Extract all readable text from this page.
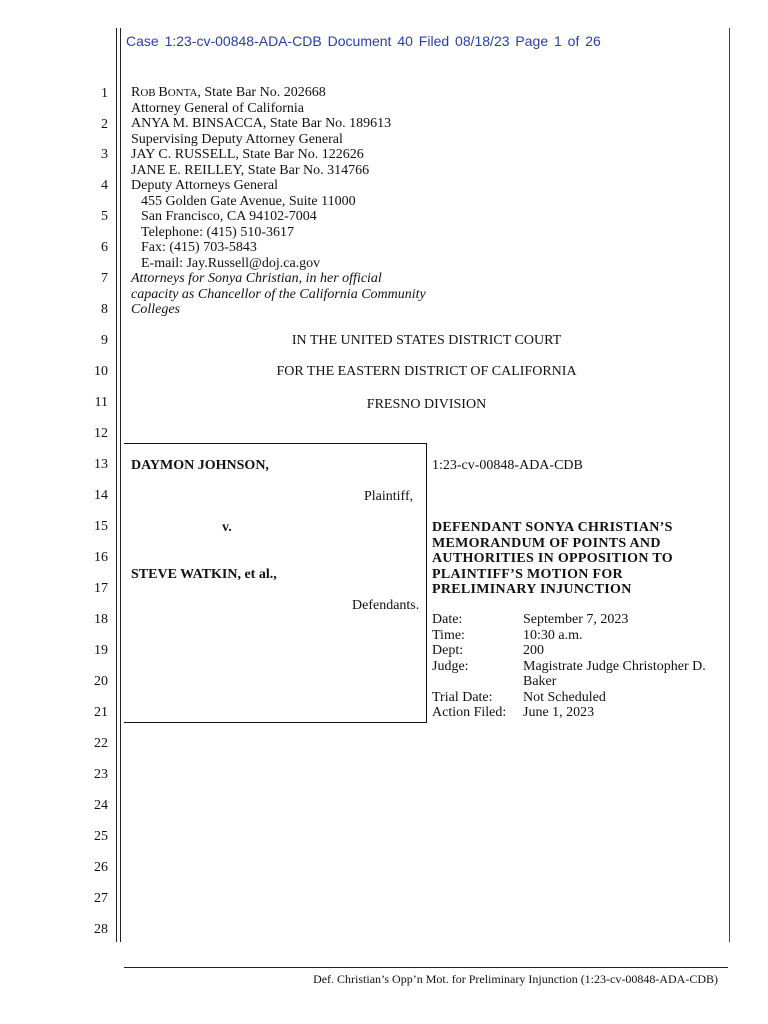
Case 1:23-cv-00848-ADA-CDB Document 40 Filed 08/18/23 Page 1 of 26
1
2
3
4
5
6
7
8
9
10
11
12
13
14
15
16
17
18
19
20
21
22
23
24
25
26
27
28
ROB BONTA, State Bar No. 202668
Attorney General of California
ANYA M. BINSACCA, State Bar No. 189613
Supervising Deputy Attorney General
JAY C. RUSSELL, State Bar No. 122626
JANE E. REILLEY, State Bar No. 314766
Deputy Attorneys General
455 Golden Gate Avenue, Suite 11000
San Francisco, CA 94102-7004
Telephone: (415) 510-3617
Fax: (415) 703-5843
E-mail: Jay.Russell@doj.ca.gov
Attorneys for Sonya Christian, in her official
capacity as Chancellor of the California Community
Colleges
IN THE UNITED STATES DISTRICT COURT
FOR THE EASTERN DISTRICT OF CALIFORNIA
FRESNO DIVISION
DAYMON JOHNSON,
Plaintiff,
v.
STEVE WATKIN, et al.,
Defendants.
1:23-cv-00848-ADA-CDB
DEFENDANT SONYA CHRISTIAN’S
MEMORANDUM OF POINTS AND
AUTHORITIES IN OPPOSITION TO
PLAINTIFF’S MOTION FOR
PRELIMINARY INJUNCTION
Date:	September 7, 2023
Time:	10:30 a.m.
Dept:	200
Judge:	Magistrate Judge Christopher D. Baker
Trial Date:	Not Scheduled
Action Filed:	June 1, 2023
Def. Christian’s Opp’n Mot. for Preliminary Injunction (1:23-cv-00848-ADA-CDB)
